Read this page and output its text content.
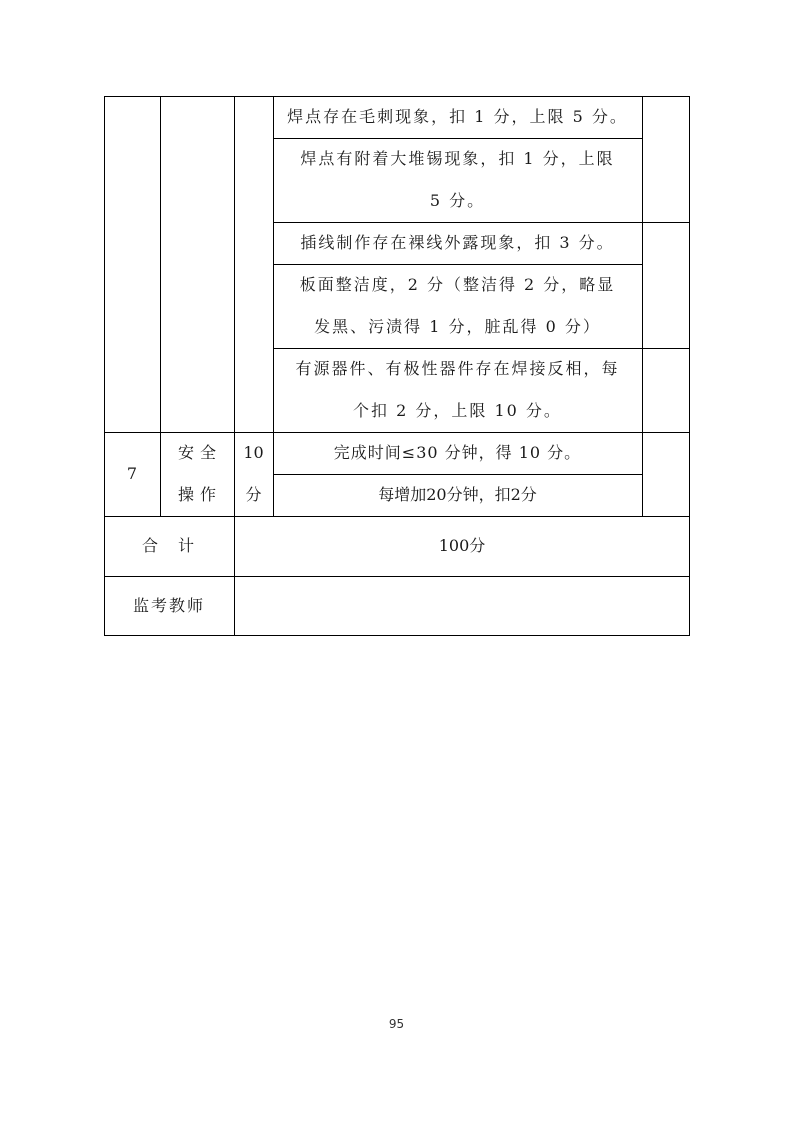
焊点存在毛刺现象，扣 1 分，上限 5 分。
焊点有附着大堆锡现象，扣 1 分，上限 5 分。
插线制作存在裸线外露现象，扣 3 分。
板面整洁度，2 分（整洁得 2 分，略显发黑、污渍得 1 分，脏乱得 0 分）
有源器件、有极性器件存在焊接反相，每个扣 2 分，上限 10 分。
7
安全操作
10分
完成时间≤30 分钟，得 10 分。
每增加20分钟，扣2分
合　计	100分
监考教师
95
